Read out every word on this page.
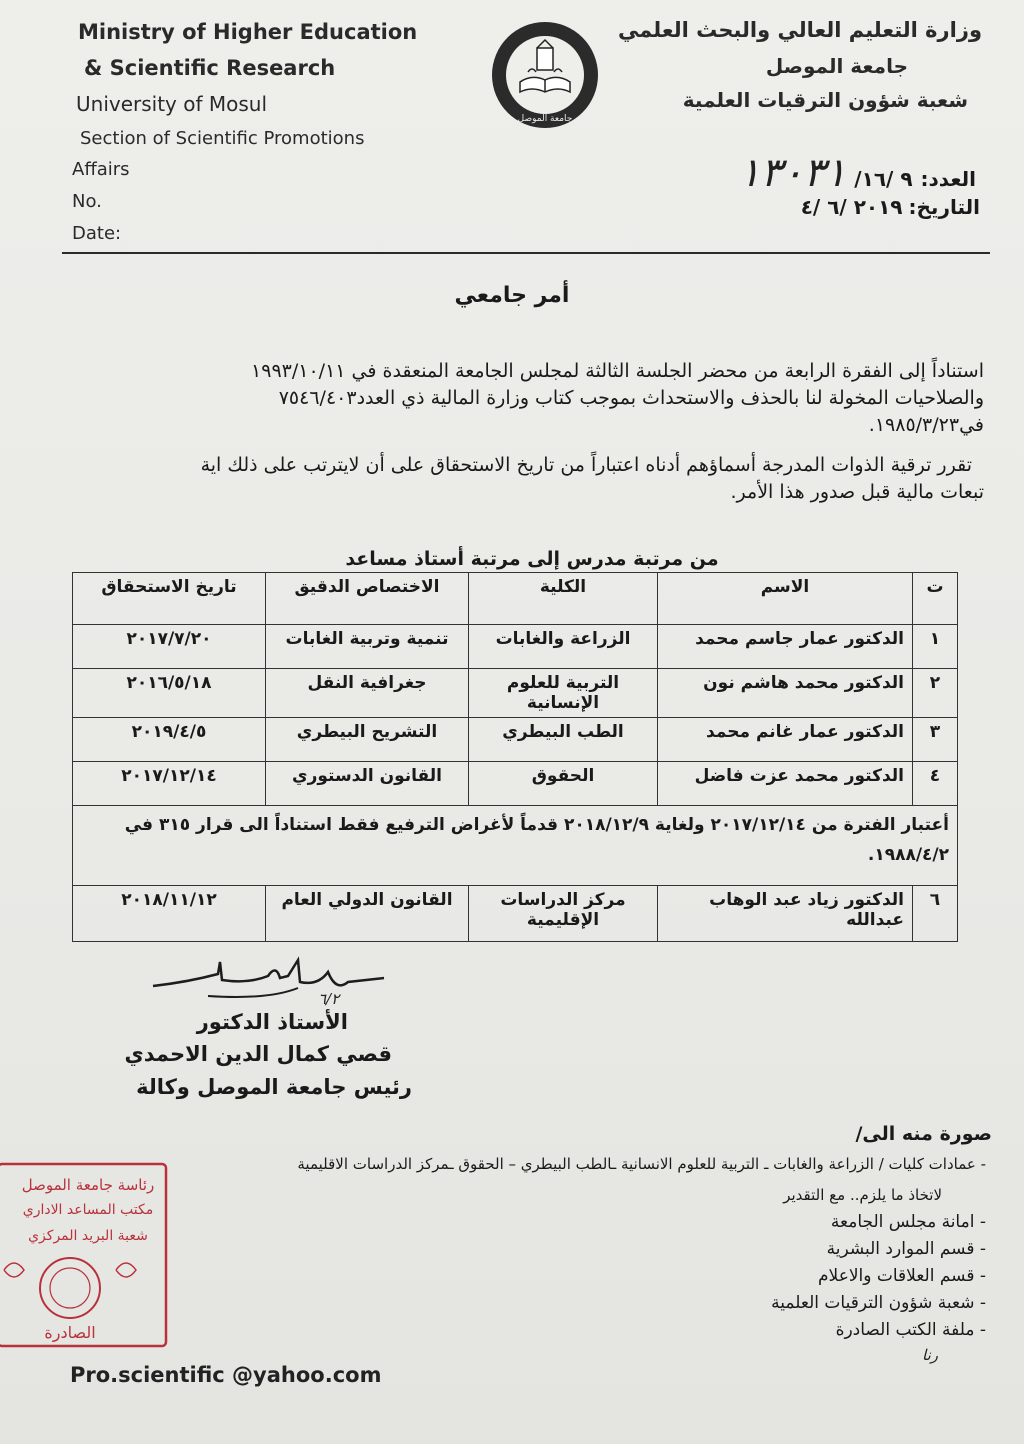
Ministry of Higher Education
& Scientific Research
University of Mosul
Section of Scientific Promotions
Affairs
No.
Date:
جامعة الموصل
وزارة التعليم العالي والبحث العلمي
جامعة الموصل
شعبة شؤون الترقيات العلمية
العدد:
٩ /١٦/
١٣٠٣١
التاريخ:
٢٠١٩ /٦ /٤
أمر جامعي
استناداً إلى الفقرة الرابعة من محضر الجلسة الثالثة لمجلس الجامعة المنعقدة في ١٩٩٣/١٠/١١
والصلاحيات المخولة لنا بالحذف والاستحداث بموجب كتاب وزارة المالية ذي العدد٧٥٤٦/٤٠٣
في١٩٨٥/٣/٢٣.
تقرر ترقية الذوات المدرجة أسماؤهم أدناه اعتباراً من تاريخ الاستحقاق على أن لايترتب على ذلك اية
تبعات مالية قبل صدور هذا الأمر.
من مرتبة مدرس إلى مرتبة أستاذ مساعد
ت	الاسم	الكلية	الاختصاص الدقيق	تاريخ الاستحقاق
١	الدكتور عمار جاسم محمد	الزراعة والغابات	تنمية وتربية الغابات	٢٠١٧/٧/٢٠
٢	الدكتور محمد هاشم نون	التربية للعلوم الإنسانية	جغرافية النقل	٢٠١٦/٥/١٨
٣	الدكتور عمار غانم محمد	الطب البيطري	التشريح البيطري	٢٠١٩/٤/٥
٤	الدكتور محمد عزت فاضل	الحقوق	القانون الدستوري	٢٠١٧/١٢/١٤
أعتبار الفترة من ٢٠١٧/١٢/١٤ ولغاية ٢٠١٨/١٢/٩ قدماً لأغراض الترفيع فقط استناداً الى قرار ٣١٥ في ١٩٨٨/٤/٢.				
٦	الدكتور زياد عبد الوهاب عبدالله	مركز الدراسات الإقليمية	القانون الدولي العام	٢٠١٨/١١/١٢
٦/٢
الأستاذ الدكتور
قصي كمال الدين الاحمدي
رئيس جامعة الموصل وكالة
صورة منه الى/
- عمادات كليات / الزراعة والغابات ـ التربية للعلوم الانسانية ـالطب البيطري – الحقوق ـمركز الدراسات الاقليمية
لاتخاذ ما يلزم.. مع التقدير
- امانة مجلس الجامعة
- قسم الموارد البشرية
- قسم العلاقات والاعلام
- شعبة شؤون الترقيات العلمية
- ملفة الكتب الصادرة
رنا
رئاسة جامعة الموصل
مكتب المساعد الاداري
شعبة البريد المركزي
الصادرة
Pro.scientific @yahoo.com
